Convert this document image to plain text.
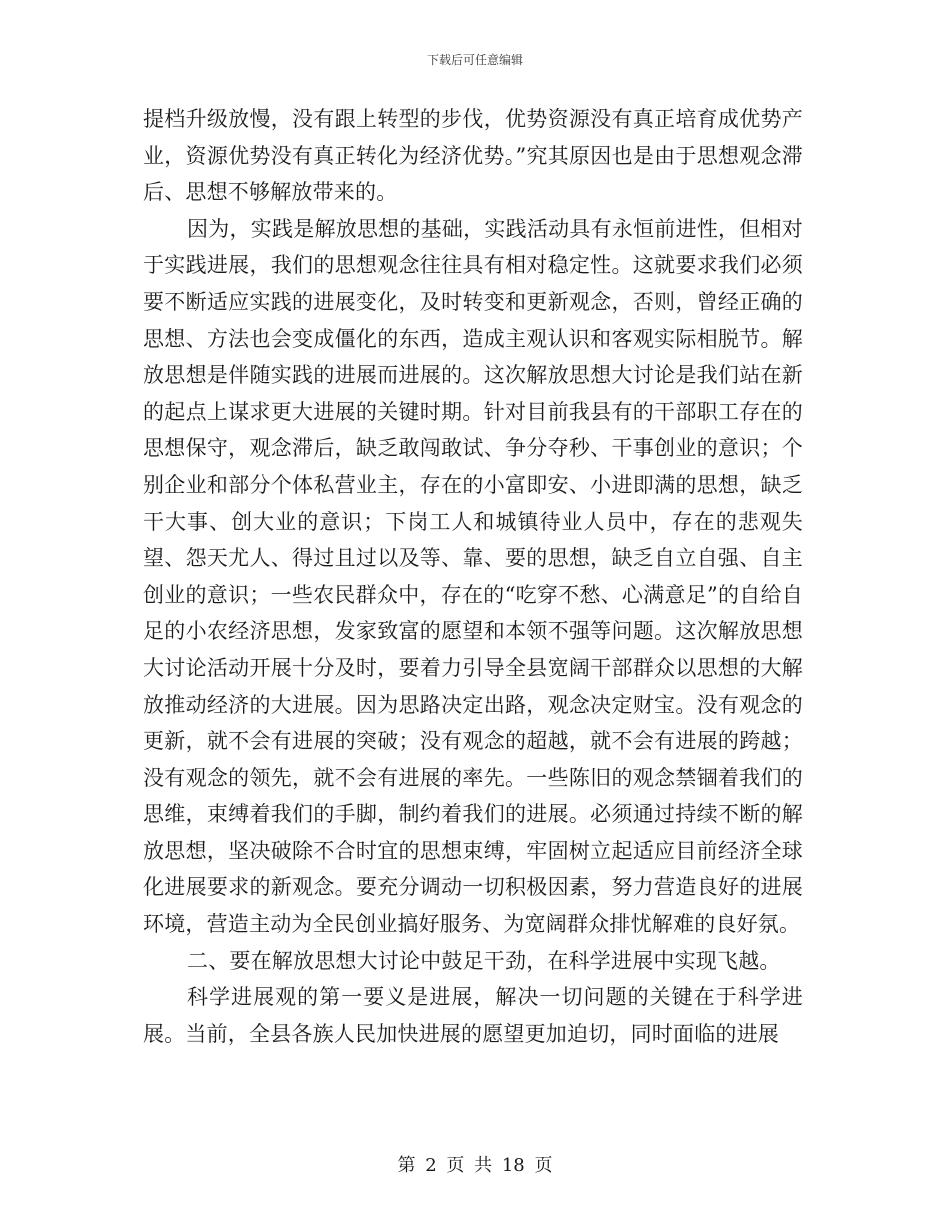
下载后可任意编辑

提档升级放慢，没有跟上转型的步伐，优势资源没有真正培育成优势产业，资源优势没有真正转化为经济优势。”究其原因也是由于思想观念滞后、思想不够解放带来的。

因为，实践是解放思想的基础，实践活动具有永恒前进性，但相对于实践进展，我们的思想观念往往具有相对稳定性。这就要求我们必须要不断适应实践的进展变化，及时转变和更新观念，否则，曾经正确的思想、方法也会变成僵化的东西，造成主观认识和客观实际相脱节。解放思想是伴随实践的进展而进展的。这次解放思想大讨论是我们站在新的起点上谋求更大进展的关键时期。针对目前我县有的干部职工存在的思想保守，观念滞后，缺乏敢闯敢试、争分夺秒、干事创业的意识；个别企业和部分个体私营业主，存在的小富即安、小进即满的思想，缺乏干大事、创大业的意识；下岗工人和城镇待业人员中，存在的悲观失望、怨天尤人、得过且过以及等、靠、要的思想，缺乏自立自强、自主创业的意识；一些农民群众中，存在的“吃穿不愁、心满意足”的自给自足的小农经济思想，发家致富的愿望和本领不强等问题。这次解放思想大讨论活动开展十分及时，要着力引导全县宽阔干部群众以思想的大解放推动经济的大进展。因为思路决定出路，观念决定财宝。没有观念的更新，就不会有进展的突破；没有观念的超越，就不会有进展的跨越；没有观念的领先，就不会有进展的率先。一些陈旧的观念禁锢着我们的思维，束缚着我们的手脚，制约着我们的进展。必须通过持续不断的解放思想，坚决破除不合时宜的思想束缚，牢固树立起适应目前经济全球化进展要求的新观念。要充分调动一切积极因素，努力营造良好的进展环境，营造主动为全民创业搞好服务、为宽阔群众排忧解难的良好氛。

二、要在解放思想大讨论中鼓足干劲，在科学进展中实现飞越。

科学进展观的第一要义是进展，解决一切问题的关键在于科学进展。当前，全县各族人民加快进展的愿望更加迫切，同时面临的进展

第 2 页 共 18 页
